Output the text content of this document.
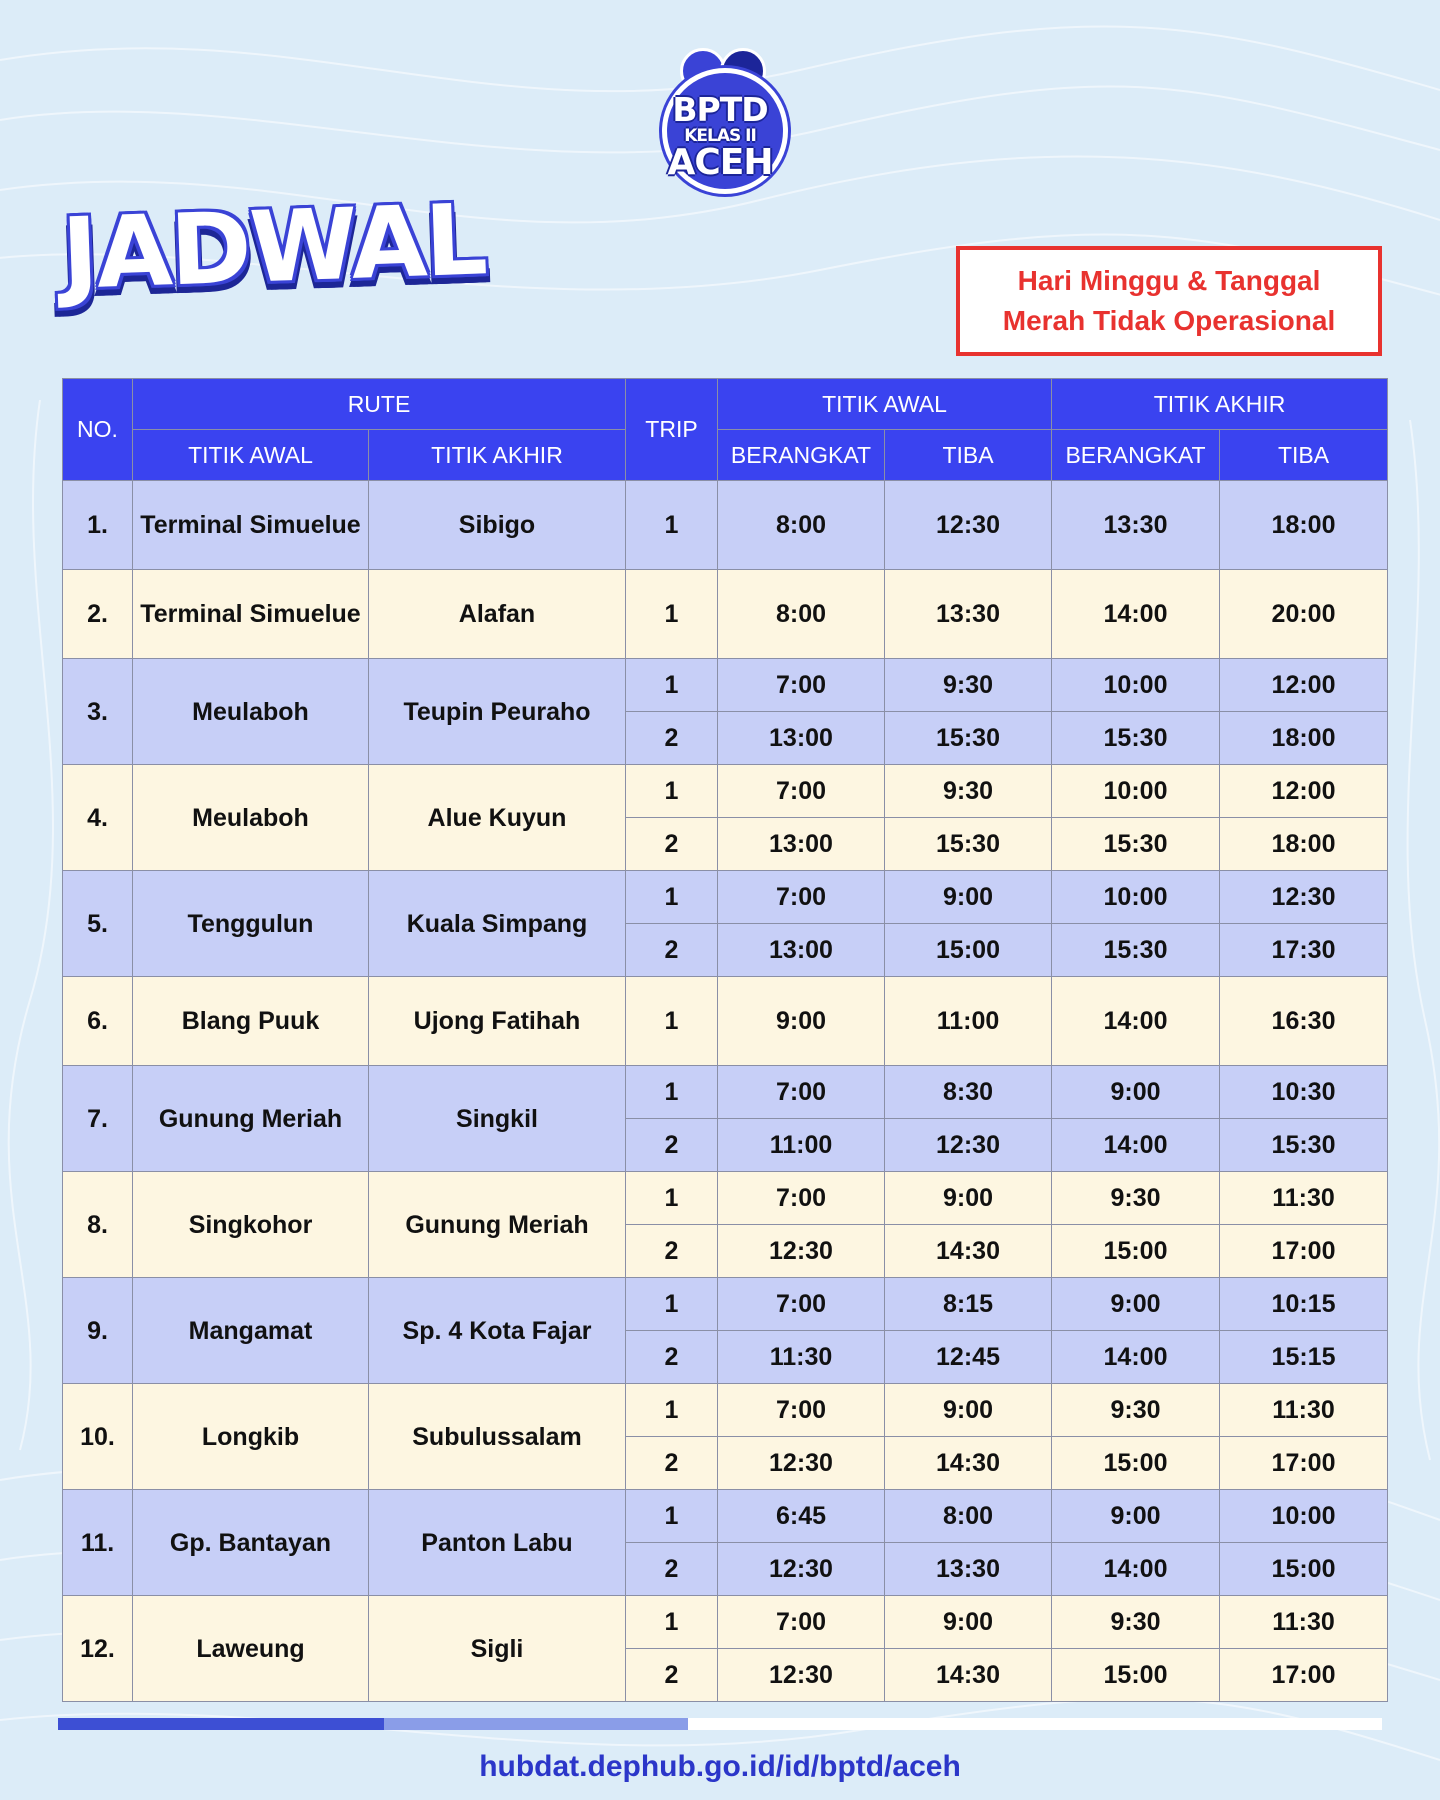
BPTD
KELAS II
ACEH
JADWAL	Hari Minggu & Tanggal Merah Tidak Operasional
NO.	RUTE		TRIP	TITIK AWAL		TITIK AKHIR	
	TITIK AWAL	TITIK AKHIR		BERANGKAT	TIBA	BERANGKAT	TIBA
1.	Terminal Simuelue	Sibigo	1	8:00	12:30	13:30	18:00
2.	Terminal Simuelue	Alafan	1	8:00	13:30	14:00	20:00
3.	Meulaboh	Teupin Peuraho	1	7:00	9:30	10:00	12:00
			2	13:00	15:30	15:30	18:00
4.	Meulaboh	Alue Kuyun	1	7:00	9:30	10:00	12:00
			2	13:00	15:30	15:30	18:00
5.	Tenggulun	Kuala Simpang	1	7:00	9:00	10:00	12:30
			2	13:00	15:00	15:30	17:30
6.	Blang Puuk	Ujong Fatihah	1	9:00	11:00	14:00	16:30
7.	Gunung Meriah	Singkil	1	7:00	8:30	9:00	10:30
			2	11:00	12:30	14:00	15:30
8.	Singkohor	Gunung Meriah	1	7:00	9:00	9:30	11:30
			2	12:30	14:30	15:00	17:00
9.	Mangamat	Sp. 4 Kota Fajar	1	7:00	8:15	9:00	10:15
			2	11:30	12:45	14:00	15:15
10.	Longkib	Subulussalam	1	7:00	9:00	9:30	11:30
			2	12:30	14:30	15:00	17:00
11.	Gp. Bantayan	Panton Labu	1	6:45	8:00	9:00	10:00
			2	12:30	13:30	14:00	15:00
12.	Laweung	Sigli	1	7:00	9:00	9:30	11:30
			2	12:30	14:30	15:00	17:00
hubdat.dephub.go.id/id/bptd/aceh
